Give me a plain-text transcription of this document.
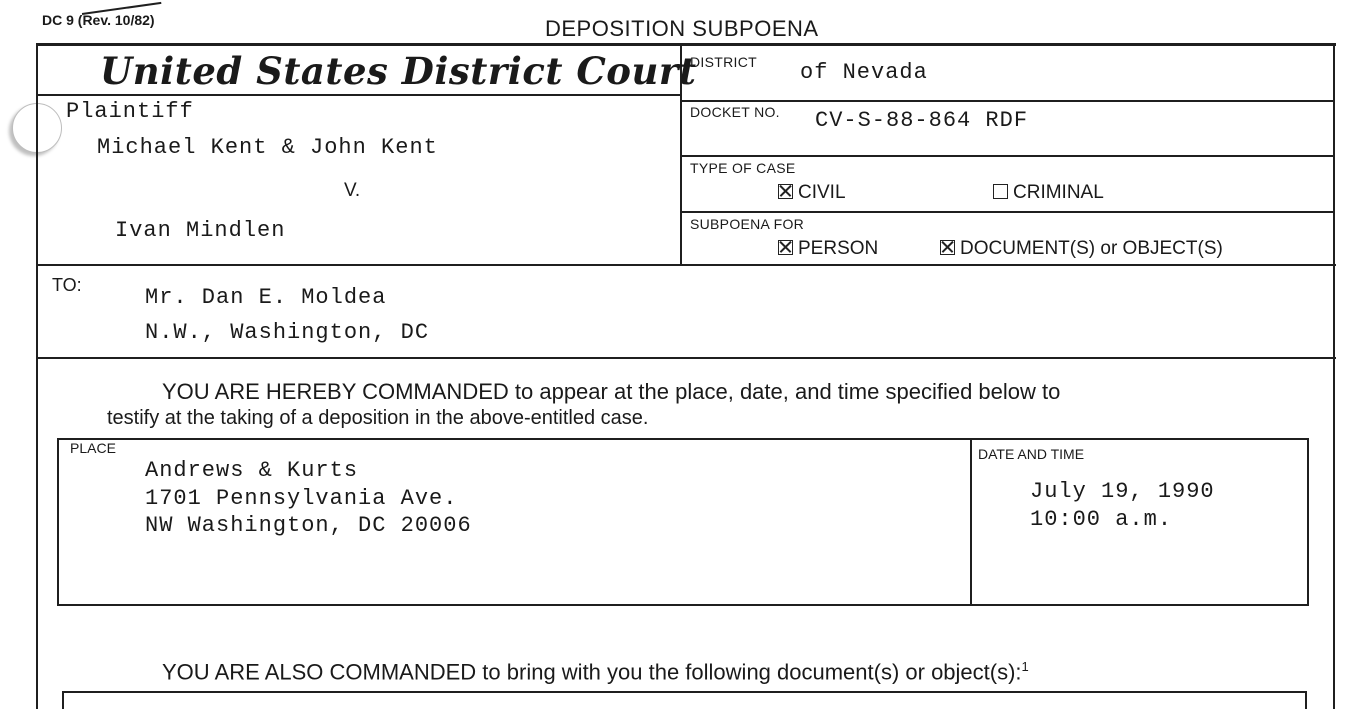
DC 9 (Rev. 10/82)	DEPOSITION SUBPOENA
United States District Court
DISTRICT of Nevada
DOCKET NO. CV-S-88-864 RDF
TYPE OF CASE
CIVIL	CRIMINAL
SUBPOENA FOR
PERSON	DOCUMENT(S) or OBJECT(S)
Plaintiff
Michael Kent & John Kent
V.
Ivan Mindlen
TO:	Mr. Dan E. Moldea
N.W., Washington, DC
YOU ARE HEREBY COMMANDED to appear at the place, date, and time specified below to
testify at the taking of a deposition in the above-entitled case.
PLACE
Andrews & Kurts
1701 Pennsylvania Ave.
NW Washington, DC 20006
DATE AND TIME
July 19, 1990
10:00 a.m.
YOU ARE ALSO COMMANDED to bring with you the following document(s) or object(s):$^1$
